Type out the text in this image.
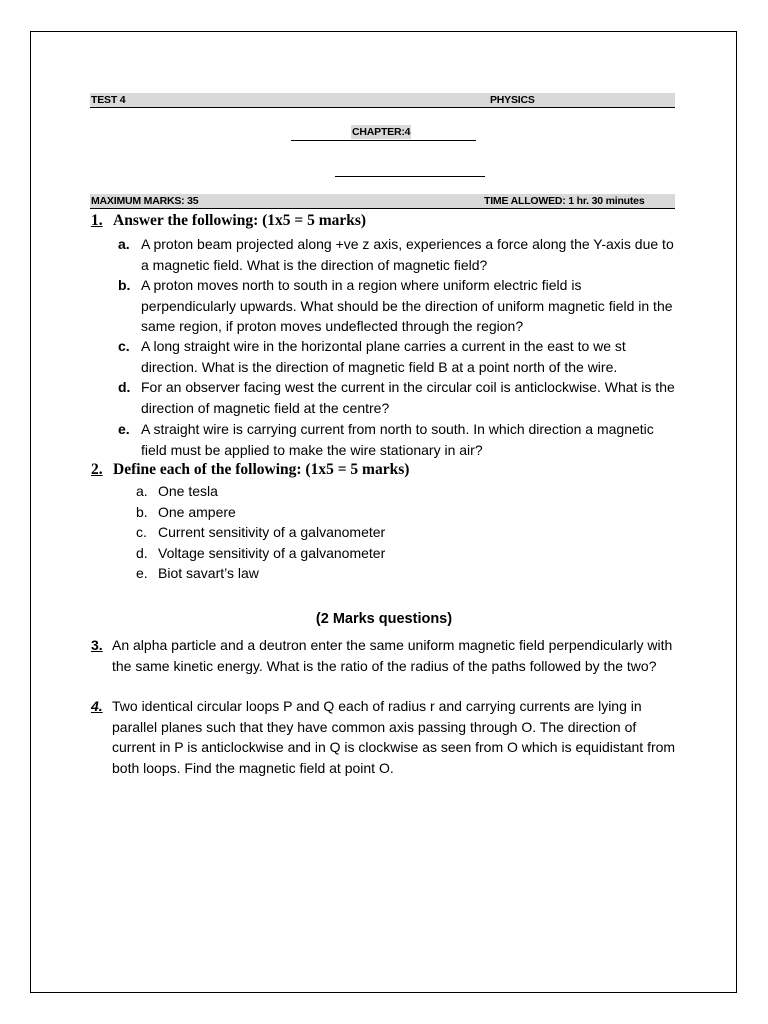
TEST 4	PHYSICS
CHAPTER:4
MAXIMUM MARKS: 35	TIME ALLOWED: 1 hr. 30 minutes
1. Answer the following: (1x5 = 5 marks)
a. A proton beam projected along +ve z axis, experiences a force along the Y-axis due to a magnetic field. What is the direction of magnetic field?
b. A proton moves north to south in a region where uniform electric field is perpendicularly upwards. What should be the direction of uniform magnetic field in the same region, if proton moves undeflected through the region?
c. A long straight wire in the horizontal plane carries a current in the east to we st direction. What is the direction of magnetic field B at a point north of the wire.
d. For an observer facing west the current in the circular coil is anticlockwise. What is the direction of magnetic field at the centre?
e. A straight wire is carrying current from north to south. In which direction a magnetic field must be applied to make the wire stationary in air?
2. Define each of the following: (1x5 = 5 marks)
a. One tesla
b. One ampere
c. Current sensitivity of a galvanometer
d. Voltage sensitivity of a galvanometer
e. Biot savart’s law
(2 Marks questions)
3. An alpha particle and a deutron enter the same uniform magnetic field perpendicularly with the same kinetic energy. What is the ratio of the radius of the paths followed by the two?
4. Two identical circular loops P and Q each of radius r and carrying currents are lying in parallel planes such that they have common axis passing through O. The direction of current in P is anticlockwise and in Q is clockwise as seen from O which is equidistant from both loops. Find the magnetic field at point O.
